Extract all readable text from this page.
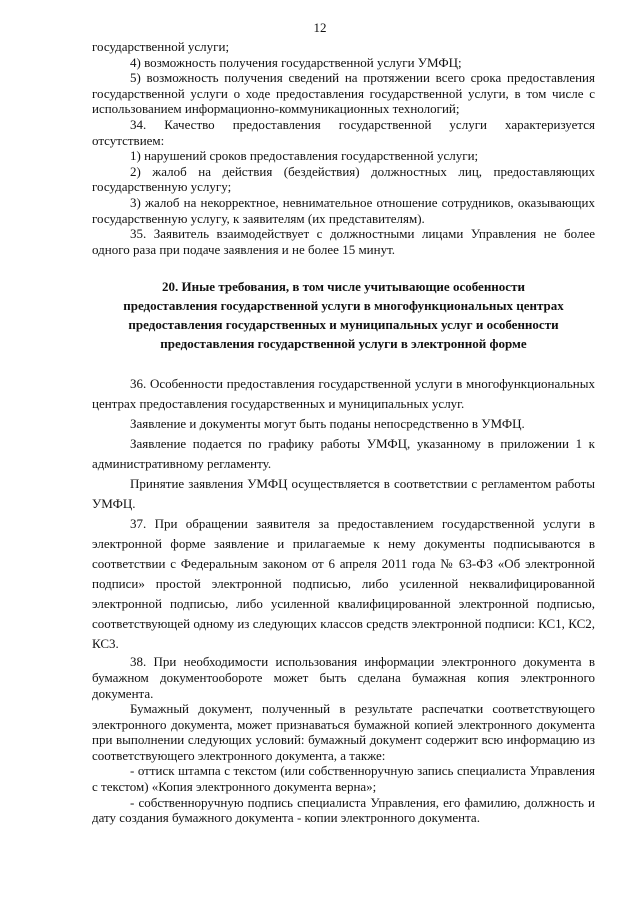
12

государственной услуги;

4) возможность получения государственной услуги УМФЦ;

5) возможность получения сведений на протяжении всего срока предоставления государственной услуги о ходе предоставления государственной услуги, в том числе с использованием информационно-коммуникационных технологий;

34. Качество предоставления государственной услуги характеризуется отсутствием:

1) нарушений сроков предоставления государственной услуги;

2) жалоб на действия (бездействия) должностных лиц, предоставляющих государственную услугу;

3) жалоб на некорректное, невнимательное отношение сотрудников, оказывающих государственную услугу, к заявителям (их представителям).

35. Заявитель взаимодействует с должностными лицами Управления не более одного раза при подаче заявления и не более 15 минут.

20. Иные требования, в том числе учитывающие особенности
предоставления государственной услуги в многофункциональных центрах
предоставления государственных и муниципальных услуг и особенности
предоставления государственной услуги в электронной форме

36. Особенности предоставления государственной услуги в многофункциональных центрах предоставления государственных и муниципальных услуг.

Заявление и документы могут быть поданы непосредственно в УМФЦ.

Заявление подается по графику работы УМФЦ, указанному в приложении 1 к административному регламенту.

Принятие заявления УМФЦ осуществляется в соответствии с регламентом работы УМФЦ.

37. При обращении заявителя за предоставлением государственной услуги в электронной форме заявление и прилагаемые к нему документы подписываются в соответствии с Федеральным законом от 6 апреля 2011 года № 63-ФЗ «Об электронной подписи» простой электронной подписью, либо усиленной неквалифицированной электронной подписью, либо усиленной квалифицированной электронной подписью, соответствующей одному из следующих классов средств электронной подписи: КС1, КС2, КС3.

38. При необходимости использования информации электронного документа в бумажном документообороте может быть сделана бумажная копия электронного документа.

Бумажный документ, полученный в результате распечатки соответствующего электронного документа, может признаваться бумажной копией электронного документа при выполнении следующих условий: бумажный документ содержит всю информацию из соответствующего электронного документа, а также:

- оттиск штампа с текстом (или собственноручную запись специалиста Управления с текстом) «Копия электронного документа верна»;

- собственноручную подпись специалиста Управления, его фамилию, должность и дату создания бумажного документа - копии электронного документа.
